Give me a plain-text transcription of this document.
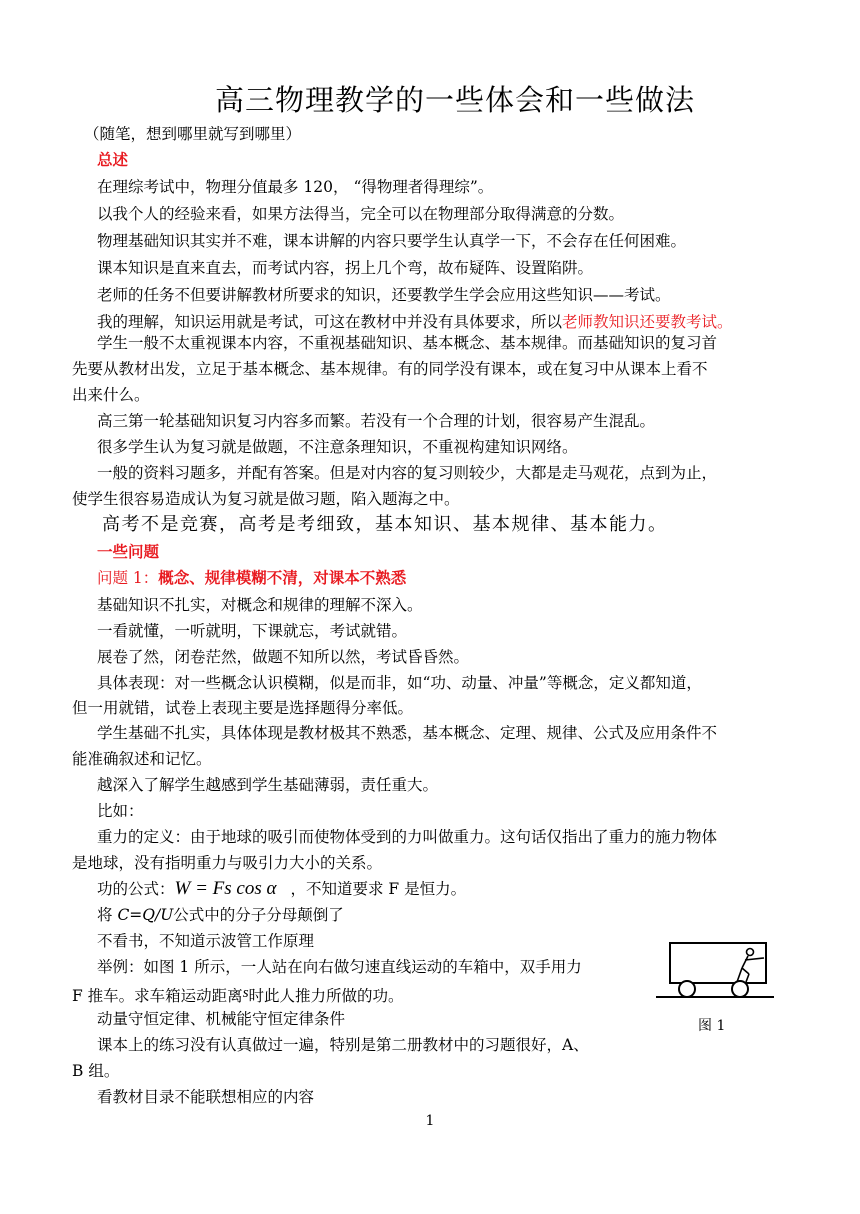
高三物理教学的一些体会和一些做法
（随笔，想到哪里就写到哪里）
总述
在理综考试中，物理分值最多 120， “得物理者得理综”。
以我个人的经验来看，如果方法得当，完全可以在物理部分取得满意的分数。
物理基础知识其实并不难，课本讲解的内容只要学生认真学一下，不会存在任何困难。
课本知识是直来直去，而考试内容，拐上几个弯，故布疑阵、设置陷阱。
老师的任务不但要讲解教材所要求的知识，还要教学生学会应用这些知识——考试。
我的理解，知识运用就是考试，可这在教材中并没有具体要求，所以老师教知识还要教考试。
学生一般不太重视课本内容，不重视基础知识、基本概念、基本规律。而基础知识的复习首
先要从教材出发，立足于基本概念、基本规律。有的同学没有课本，或在复习中从课本上看不
出来什么。
高三第一轮基础知识复习内容多而繁。若没有一个合理的计划，很容易产生混乱。
很多学生认为复习就是做题，不注意条理知识，不重视构建知识网络。
一般的资料习题多，并配有答案。但是对内容的复习则较少，大都是走马观花，点到为止，
使学生很容易造成认为复习就是做习题，陷入题海之中。
高考不是竞赛，高考是考细致，基本知识、基本规律、基本能力。
一些问题
问题 1：概念、规律模糊不清，对课本不熟悉
基础知识不扎实，对概念和规律的理解不深入。
一看就懂，一听就明，下课就忘，考试就错。
展卷了然，闭卷茫然，做题不知所以然，考试昏昏然。
具体表现：对一些概念认识模糊，似是而非，如“功、动量、冲量”等概念，定义都知道，
但一用就错，试卷上表现主要是选择题得分率低。
学生基础不扎实，具体体现是教材极其不熟悉，基本概念、定理、规律、公式及应用条件不
能准确叙述和记忆。
越深入了解学生越感到学生基础薄弱，责任重大。
比如：
重力的定义：由于地球的吸引而使物体受到的力叫做重力。这句话仅指出了重力的施力物体
是地球，没有指明重力与吸引力大小的关系。
功的公式：W = Fs cos α ，不知道要求 F 是恒力。
将 C=Q/U公式中的分子分母颠倒了
不看书，不知道示波管工作原理
举例：如图 1 所示，一人站在向右做匀速直线运动的车箱中，双手用力
F 推车。求车箱运动距离s时此人推力所做的功。
动量守恒定律、机械能守恒定律条件
课本上的练习没有认真做过一遍，特别是第二册教材中的习题很好，A、
B 组。
看教材目录不能联想相应的内容
图 1
1
